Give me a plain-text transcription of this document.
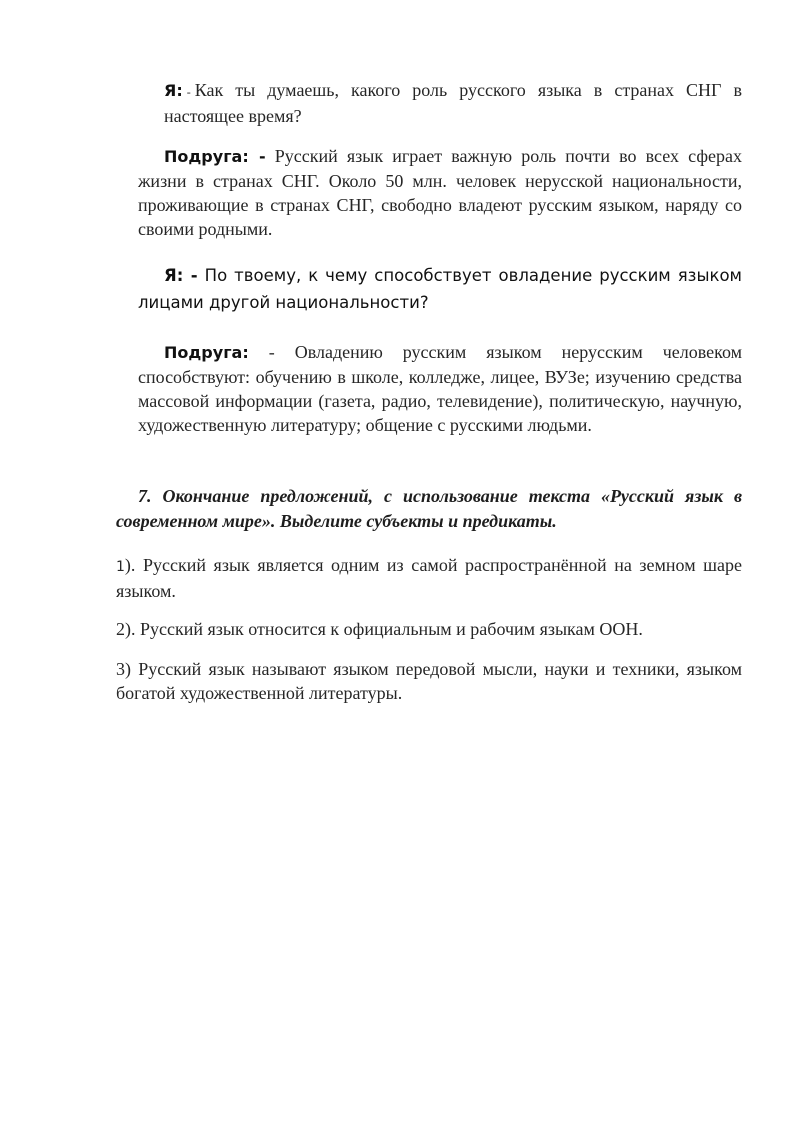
Я: - Как ты думаешь, какого роль русского языка в странах СНГ в настоящее время?

Подруга: - Русский язык играет важную роль почти во всех сферах жизни в странах СНГ. Около 50 млн. человек нерусской национальности, проживающие в странах СНГ, свободно владеют русским языком, наряду со своими родными.

Я: - По твоему, к чему способствует овладение русским языком лицами другой национальности?

Подруга: - Овладению русским языком нерусским человеком способствуют: обучению в школе, колледже, лицее, ВУЗе; изучению средства массовой информации (газета, радио, телевидение), политическую, научную, художественную литературу; общение с русскими людьми.

7. Окончание предложений, с использование текста «Русский язык в современном мире». Выделите субъекты и предикаты.

1). Русский язык является одним из самой распространённой на земном шаре языком.

2). Русский язык относится к официальным и рабочим языкам ООН.

3) Русский язык называют языком передовой мысли, науки и техники, языком богатой художественной литературы.
